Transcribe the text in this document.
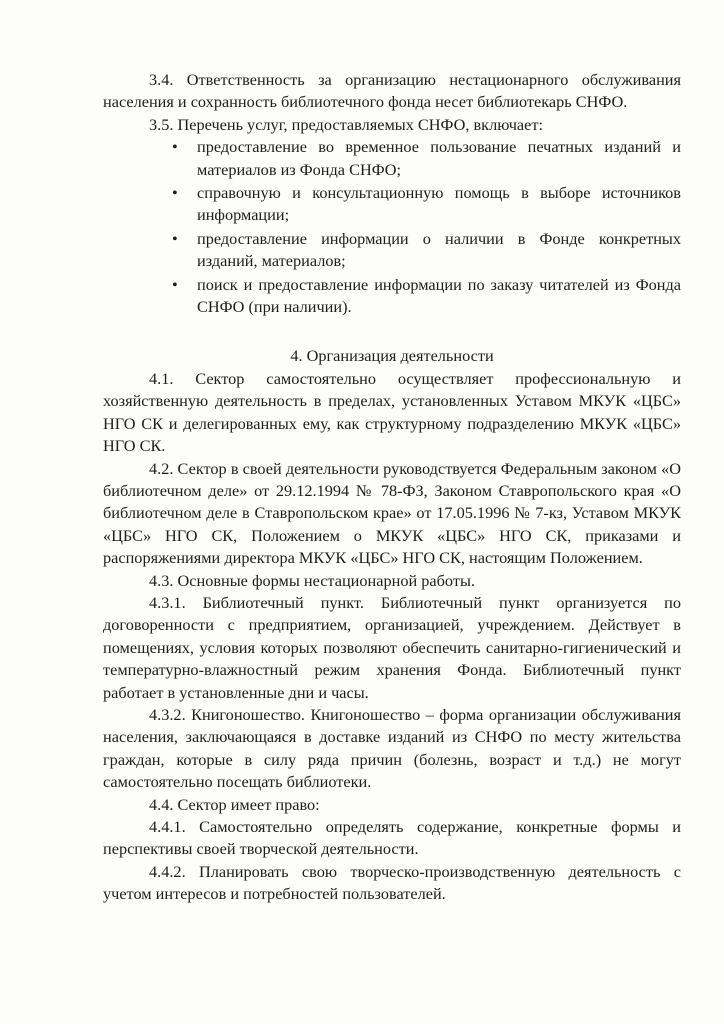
3.4. Ответственность за организацию нестационарного обслуживания населения и сохранность библиотечного фонда несет библиотекарь СНФО.

3.5. Перечень услуг, предоставляемых СНФО, включает:

• предоставление во временное пользование печатных изданий и материалов из Фонда СНФО;
• справочную и консультационную помощь в выборе источников информации;
• предоставление информации о наличии в Фонде конкретных изданий, материалов;
• поиск и предоставление информации по заказу читателей из Фонда СНФО (при наличии).

4. Организация деятельности

4.1. Сектор самостоятельно осуществляет профессиональную и хозяйственную деятельность в пределах, установленных Уставом МКУК «ЦБС» НГО СК и делегированных ему, как структурному подразделению МКУК «ЦБС» НГО СК.

4.2. Сектор в своей деятельности руководствуется Федеральным законом «О библиотечном деле» от 29.12.1994 № 78-ФЗ, Законом Ставропольского края «О библиотечном деле в Ставропольском крае» от 17.05.1996 № 7-кз, Уставом МКУК «ЦБС» НГО СК, Положением о МКУК «ЦБС» НГО СК, приказами и распоряжениями директора МКУК «ЦБС» НГО СК, настоящим Положением.

4.3. Основные формы нестационарной работы.

4.3.1. Библиотечный пункт. Библиотечный пункт организуется по договоренности с предприятием, организацией, учреждением. Действует в помещениях, условия которых позволяют обеспечить санитарно-гигиенический и температурно-влажностный режим хранения Фонда. Библиотечный пункт работает в установленные дни и часы.

4.3.2. Книгоношество. Книгоношество – форма организации обслуживания населения, заключающаяся в доставке изданий из СНФО по месту жительства граждан, которые в силу ряда причин (болезнь, возраст и т.д.) не могут самостоятельно посещать библиотеки.

4.4. Сектор имеет право:

4.4.1. Самостоятельно определять содержание, конкретные формы и перспективы своей творческой деятельности.

4.4.2. Планировать свою творческо-производственную деятельность с учетом интересов и потребностей пользователей.
